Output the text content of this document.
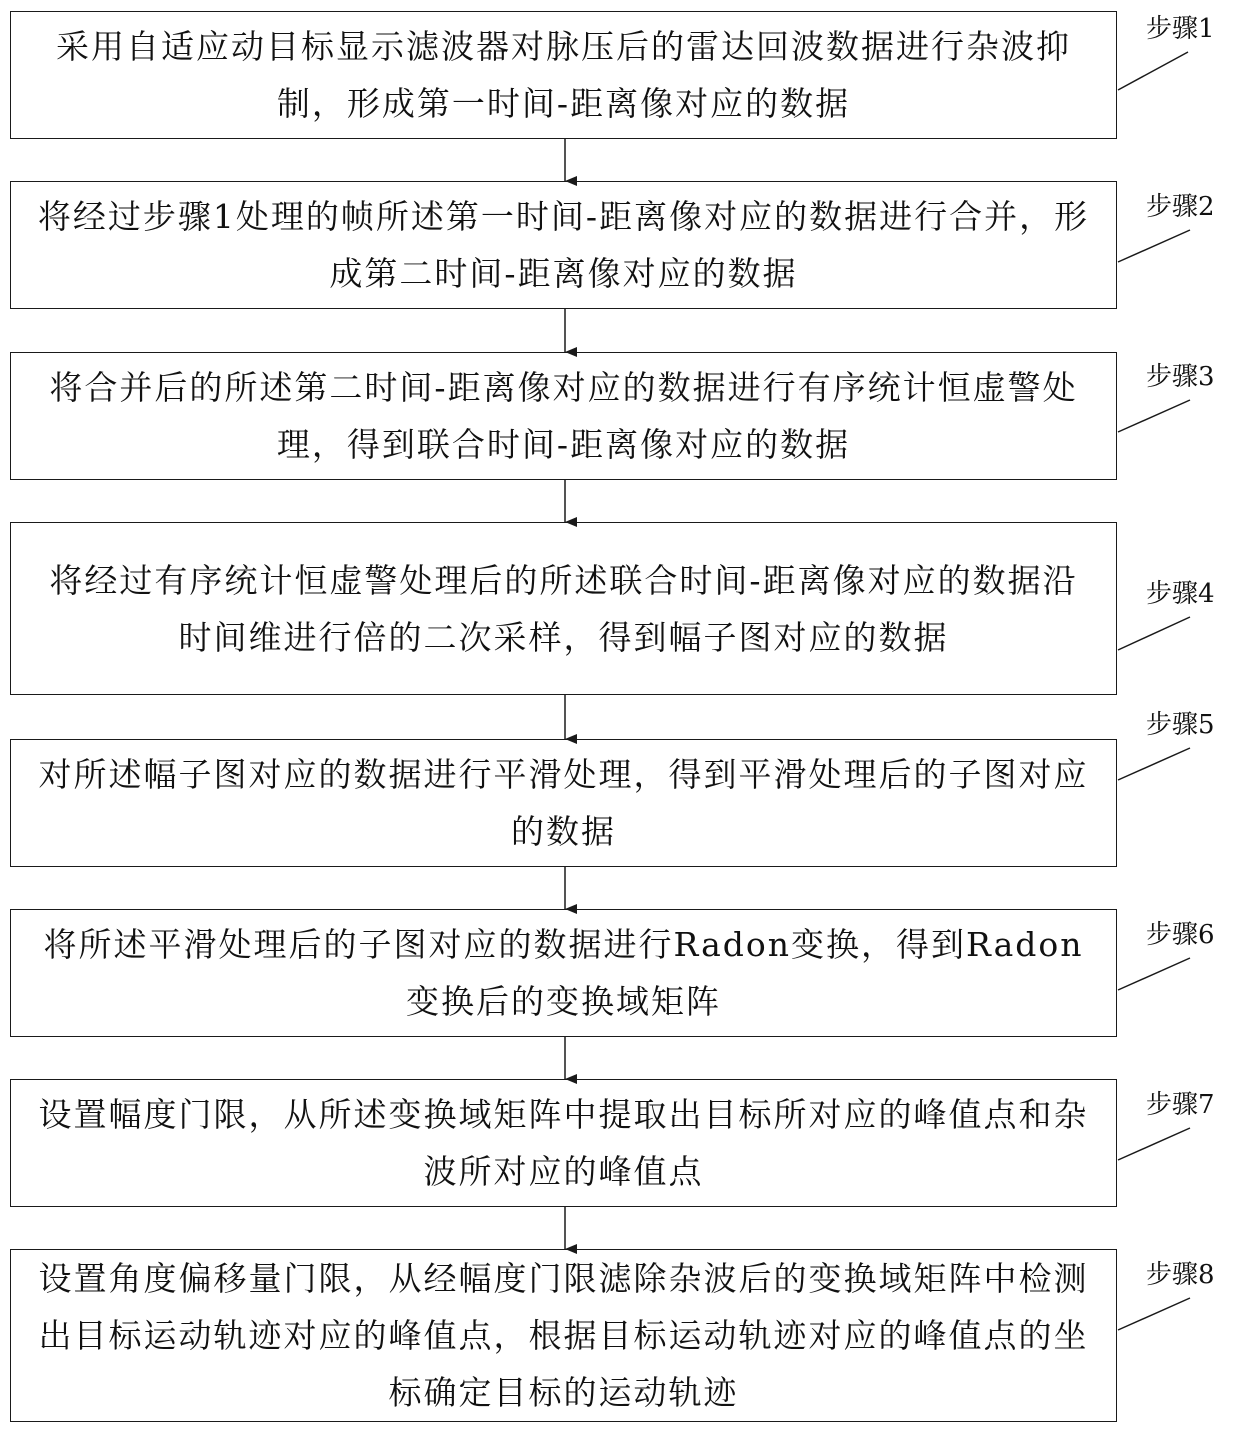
采用自适应动目标显示滤波器对脉压后的雷达回波数据进行杂波抑制，形成第一时间-距离像对应的数据
将经过步骤1处理的帧所述第一时间-距离像对应的数据进行合并，形成第二时间-距离像对应的数据
将合并后的所述第二时间-距离像对应的数据进行有序统计恒虚警处理，得到联合时间-距离像对应的数据
将经过有序统计恒虚警处理后的所述联合时间-距离像对应的数据沿时间维进行倍的二次采样，得到幅子图对应的数据
对所述幅子图对应的数据进行平滑处理，得到平滑处理后的子图对应的数据
将所述平滑处理后的子图对应的数据进行Radon变换，得到Radon变换后的变换域矩阵
设置幅度门限，从所述变换域矩阵中提取出目标所对应的峰值点和杂波所对应的峰值点
设置角度偏移量门限，从经幅度门限滤除杂波后的变换域矩阵中检测出目标运动轨迹对应的峰值点，根据目标运动轨迹对应的峰值点的坐标确定目标的运动轨迹
步骤1
步骤2
步骤3
步骤4
步骤5
步骤6
步骤7
步骤8
